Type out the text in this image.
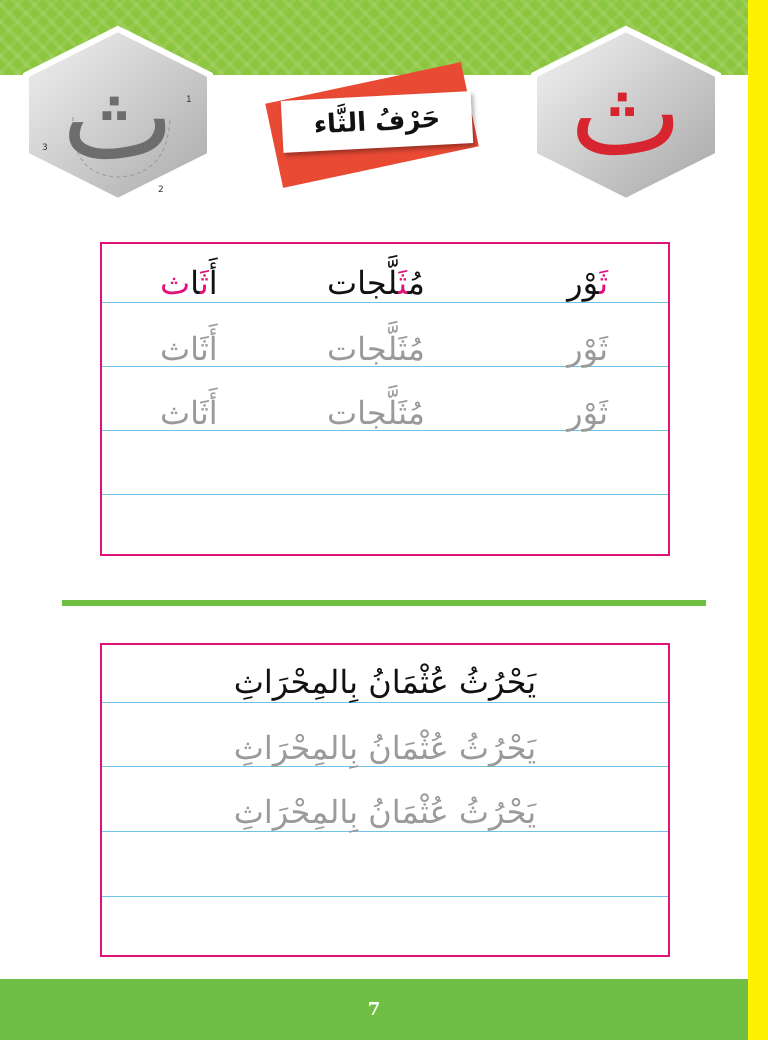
ث	1
2
3
حَرْفُ الثَّاء	ث
ثَوْر
مُثَلَّجات
أَثَاث
ثَوْر
مُثَلَّجات
أَثَاث
ثَوْر
مُثَلَّجات
أَثَاث
يَحْرُثُ عُثْمَانُ بِالمِحْرَاثِ
يَحْرُثُ عُثْمَانُ بِالمِحْرَاثِ
يَحْرُثُ عُثْمَانُ بِالمِحْرَاثِ
7
